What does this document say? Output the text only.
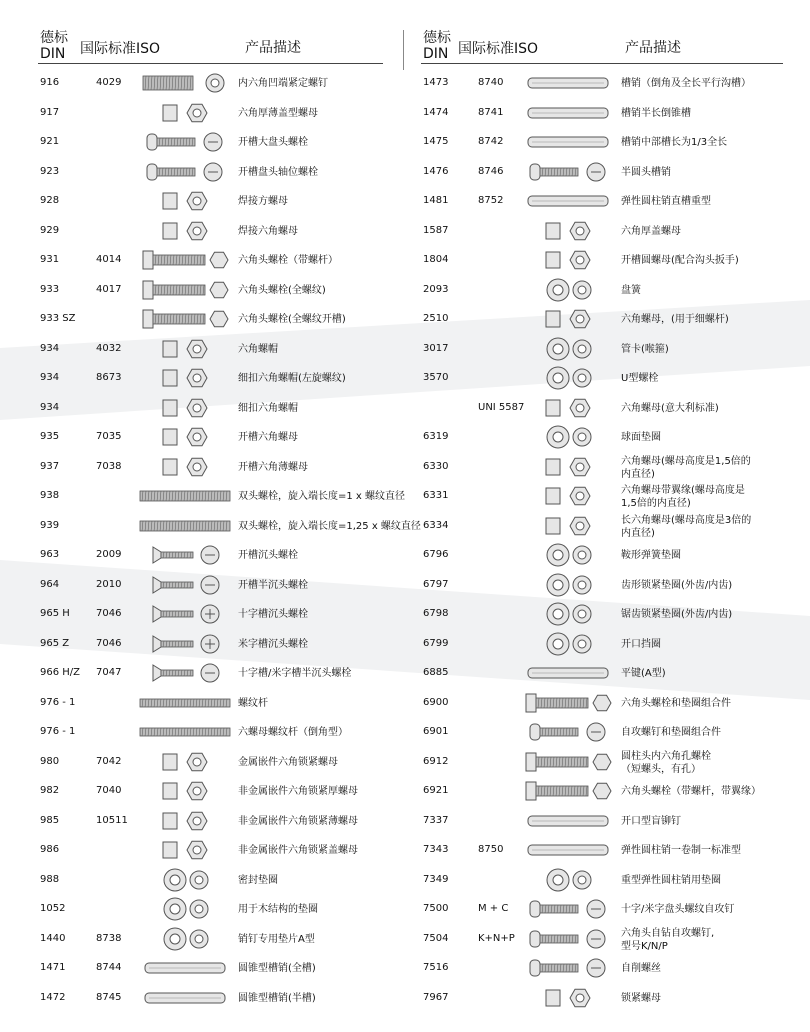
德标
DIN 国际标准ISO	产品描述
916	4029	内六角凹端紧定螺钉
917	六角厚薄盖型螺母
921	开槽大盘头螺栓
923	开槽盘头轴位螺栓
928	焊接方螺母
929	焊接六角螺母
931	4014	六角头螺栓（带螺杆）
933	4017	六角头螺栓(全螺纹)
933 SZ	六角头螺栓(全螺纹开槽)
934	4032	六角螺帽
934	8673	细扣六角螺帽(左旋螺纹)
934	细扣六角螺帽
935	7035	开槽六角螺母
937	7038	开槽六角薄螺母
938	双头螺栓，旋入端长度=1 x 螺纹直径
939	双头螺栓，旋入端长度=1,25 x 螺纹直径
963	2009	开槽沉头螺栓
964	2010	开槽半沉头螺栓
965 H	7046	十字槽沉头螺栓
965 Z	7046	米字槽沉头螺栓
966 H/Z 7047	十字槽/米字槽半沉头螺栓
976 - 1	螺纹杆
976 - 1	六螺母螺纹杆（倒角型）
980	7042	金属嵌件六角锁紧螺母
982	7040	非金属嵌件六角锁紧厚螺母
985	10511	非金属嵌件六角锁紧薄螺母
986	非金属嵌件六角锁紧盖螺母
988	密封垫圈
1052	用于木结构的垫圈
1440	8738	销钉专用垫片A型
1471	8744	圆锥型槽销(全槽)
1472	8745	圆锥型槽销(半槽)
德标
DIN 国际标准ISO	产品描述
1473	8740	槽销（倒角及全长平行沟槽）
1474	8741	槽销半长倒锥槽
1475	8742	槽销中部槽长为1/3全长
1476	8746	半圆头槽销
1481	8752	弹性圆柱销直槽重型
1587	六角厚盖螺母
1804	开槽圆螺母(配合沟头扳手)
2093	盘簧
2510	六角螺母，(用于细螺杆)
3017	管卡(喉箍)
3570	U型螺栓
UNI 5587	六角螺母(意大利标准)
6319	球面垫圈
6330	六角螺母(螺母高度是1,5倍的
内直径)
6331	六角螺母带翼缘(螺母高度是
1,5倍的内直径)
6334	长六角螺母(螺母高度是3倍的
内直径)
6796	鞍形弹簧垫圈
6797	齿形锁紧垫圈(外齿/内齿)
6798	锯齿锁紧垫圈(外齿/内齿)
6799	开口挡圈
6885	平键(A型)
6900	六角头螺栓和垫圈组合件
6901	自攻螺钉和垫圈组合件
6912	圆柱头内六角孔螺栓
（短螺头，有孔）
6921	六角头螺栓（带螺杆，带翼缘）
7337	开口型盲铆钉
7343	8750	弹性圆柱销一卷制一标准型
7349	重型弹性圆柱销用垫圈
7500	M + C	十字/米字盘头螺纹自攻钉
7504	K+N+P	六角头自钻自攻螺钉,
型号K/N/P
7516	自削螺丝
7967	锁紧螺母
